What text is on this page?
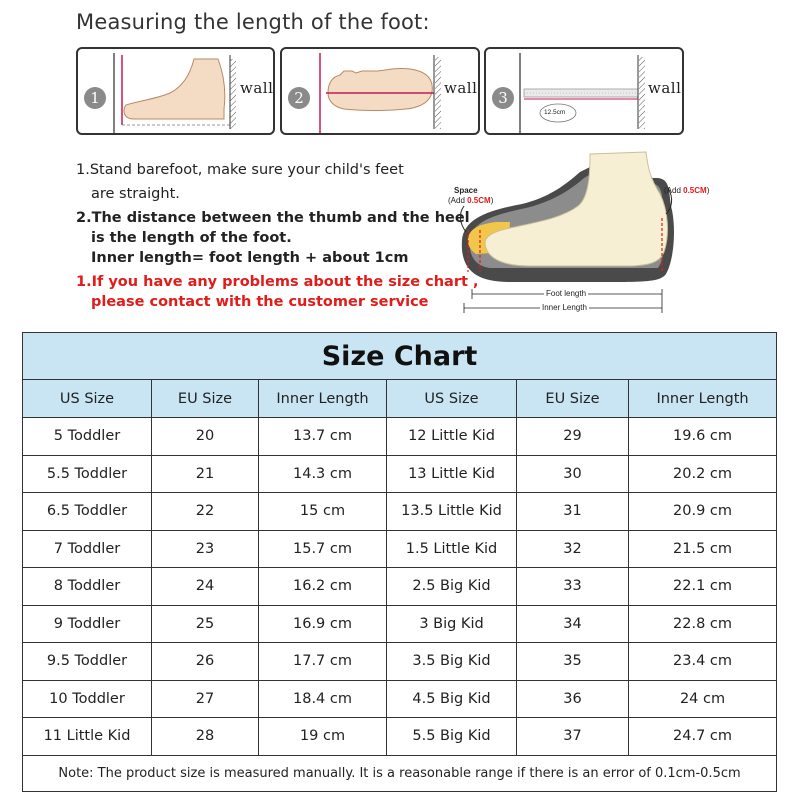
Measuring the length of the foot:
1
wall
2
wall
3
12.5cm
wall
1.Stand barefoot, make sure your child's feet
are straight.
2.The distance between the thumb and the heel
is the length of the foot.
Inner length= foot length + about 1cm
1.If you have any problems about the size chart ,
please contact with the customer service
Space
(Add 0.5CM)
(Add 0.5CM)
Foot length
Inner Length
Size Chart					
US Size	EU Size	Inner Length	US Size	EU Size	Inner Length
5 Toddler	20	13.7 cm	12 Little Kid	29	19.6 cm
5.5 Toddler	21	14.3 cm	13 Little Kid	30	20.2 cm
6.5 Toddler	22	15 cm	13.5 Little Kid	31	20.9 cm
7 Toddler	23	15.7 cm	1.5 Little Kid	32	21.5 cm
8 Toddler	24	16.2 cm	2.5 Big Kid	33	22.1 cm
9 Toddler	25	16.9 cm	3 Big Kid	34	22.8 cm
9.5 Toddler	26	17.7 cm	3.5 Big Kid	35	23.4 cm
10 Toddler	27	18.4 cm	4.5 Big Kid	36	24 cm
11 Little Kid	28	19 cm	5.5 Big Kid	37	24.7 cm
Note: The product size is measured manually. It is a reasonable range if there is an error of 0.1cm-0.5cm					
